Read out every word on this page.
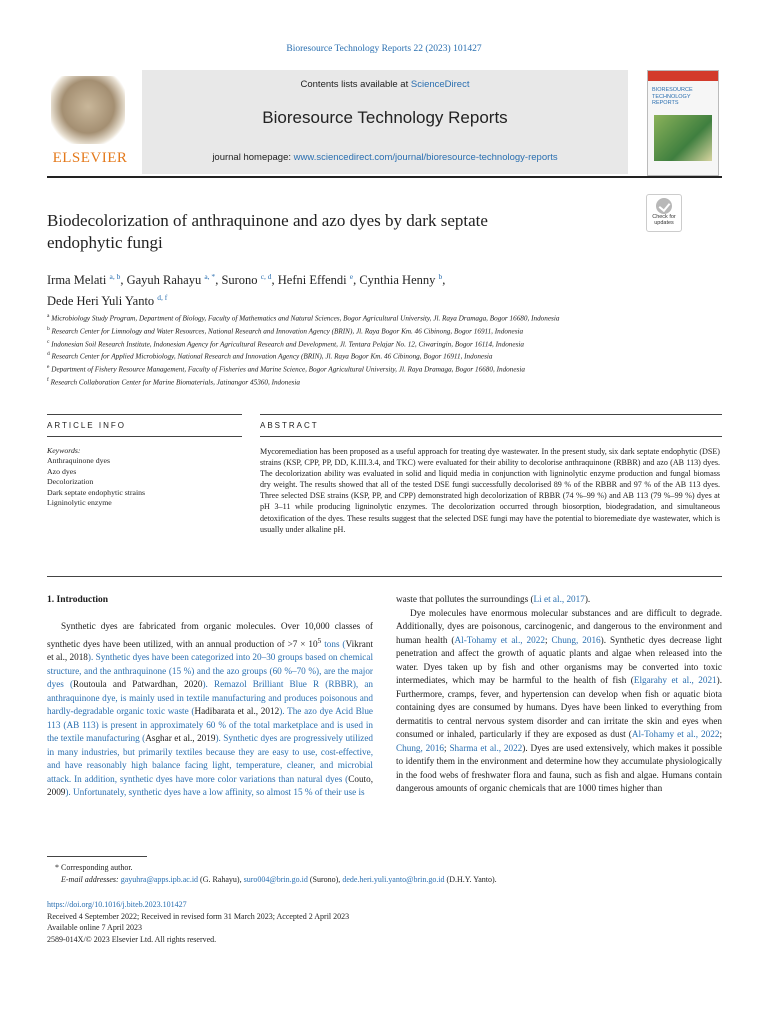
Bioresource Technology Reports 22 (2023) 101427
ELSEVIER
Contents lists available at ScienceDirect
Bioresource Technology Reports
journal homepage: www.sciencedirect.com/journal/bioresource-technology-reports
BIORESOURCE TECHNOLOGY REPORTS
Check for
updates
Biodecolorization of anthraquinone and azo dyes by dark septate
endophytic fungi
Irma Melati $^{a, b}$, Gayuh Rahayu $^{a, *}$, Surono $^{c, d}$, Hefni Effendi $^e$, Cynthia Henny $^b$,
Dede Heri Yuli Yanto $^{d, f}$
$^a$ Microbiology Study Program, Department of Biology, Faculty of Mathematics and Natural Sciences, Bogor Agricultural University, Jl. Raya Dramaga, Bogor 16680, Indonesia
$^b$ Research Center for Limnology and Water Resources, National Research and Innovation Agency (BRIN), Jl. Raya Bogor Km. 46 Cibinong, Bogor 16911, Indonesia
$^c$ Indonesian Soil Research Institute, Indonesian Agency for Agricultural Research and Development, Jl. Tentara Pelajar No. 12, Ciwaringin, Bogor 16114, Indonesia
$^d$ Research Center for Applied Microbiology, National Research and Innovation Agency (BRIN), Jl. Raya Bogor Km. 46 Cibinong, Bogor 16911, Indonesia
$^e$ Department of Fishery Resource Management, Faculty of Fisheries and Marine Science, Bogor Agricultural University, Jl. Raya Dramaga, Bogor 16680, Indonesia
$^f$ Research Collaboration Center for Marine Biomaterials, Jatinangor 45360, Indonesia
ARTICLE INFO	ABSTRACT
Keywords:
Anthraquinone dyes
Azo dyes
Decolorization
Dark septate endophytic strains
Ligninolytic enzyme
Mycoremediation has been proposed as a useful approach for treating dye wastewater. In the present study, six dark septate endophytic (DSE) strains (KSP, CPP, PP, DD, K.III.3.4, and TKC) were evaluated for their ability to decolorise anthraquinone (RBBR) and azo (AB 113) dyes. The decolorization ability was evaluated in solid and liquid media in conjunction with ligninolytic enzyme production and fungal biomass dry weight. The results showed that all of the tested DSE fungi successfully decolorised 89 % of the RBBR and 97 % of the AB 113 dyes. Three selected DSE strains (KSP, PP, and CPP) demonstrated high decolorization of RBBR (74 %–99 %) and AB 113 (79 %–99 %) dyes at pH 3–11 while producing ligninolytic enzymes. The decolorization occurred through biosorption, biodegradation, and simultaneous detoxification of the dyes. These results suggest that the selected DSE fungi may have the potential to bioremediate dye wastewater, which is usually under alkaline pH.
1. Introduction

Synthetic dyes are fabricated from organic molecules. Over 10,000 classes of synthetic dyes have been utilized, with an annual production of $>7 \times 10^5$ tons (Vikrant et al., 2018). Synthetic dyes have been categorized into 20–30 groups based on chemical structure, and the anthraquinone (15 %) and the azo groups (60 %–70 %), are the major dyes (Routoula and Patwardhan, 2020). Remazol Brilliant Blue R (RBBR), an anthraquinone dye, is mainly used in textile manufacturing and produces poisonous and hardly-degradable organic toxic waste (Hadibarata et al., 2012). The azo dye Acid Blue 113 (AB 113) is present in approximately 60 % of the total marketplace and is used in the textile manufacturing (Asghar et al., 2019). Synthetic dyes are progressively utilized in many industries, but primarily textiles because they are easy to use, cost-effective, and have reasonably high balance facing light, temperature, cleaner, and microbial attack. In addition, synthetic dyes have more color variations than natural dyes (Couto, 2009). Unfortunately, synthetic dyes have a low affinity, so almost 15 % of their use is

waste that pollutes the surroundings (Li et al., 2017).

Dye molecules have enormous molecular substances and are difficult to degrade. Additionally, dyes are poisonous, carcinogenic, and dangerous to the environment and human health (Al-Tohamy et al., 2022; Chung, 2016). Synthetic dyes decrease light penetration and affect the growth of aquatic plants and algae when released into the water. Dyes taken up by fish and other organisms may be converted into toxic intermediates, which may be harmful to the health of fish (Elgarahy et al., 2021). Furthermore, cramps, fever, and hypertension can develop when fish or aquatic biota containing dyes are consumed by humans. Dyes have been linked to everything from dermatitis to central nervous system disorder and can irritate the skin and eyes when consumed or inhaled, particularly if they are exposed as dust (Al-Tohamy et al., 2022; Chung, 2016; Sharma et al., 2022). Dyes are used extensively, which makes it possible to identify them in the environment and determine how they accumulate physiologically in the food webs of freshwater flora and fauna, such as fish and algae. Humans contain dangerous amounts of organic chemicals that are 1000 times higher than

* Corresponding author.
E-mail addresses: gayuhra@apps.ipb.ac.id (G. Rahayu), suro004@brin.go.id (Surono), dede.heri.yuli.yanto@brin.go.id (D.H.Y. Yanto).
https://doi.org/10.1016/j.biteb.2023.101427
Received 4 September 2022; Received in revised form 31 March 2023; Accepted 2 April 2023
Available online 7 April 2023
2589-014X/© 2023 Elsevier Ltd. All rights reserved.
